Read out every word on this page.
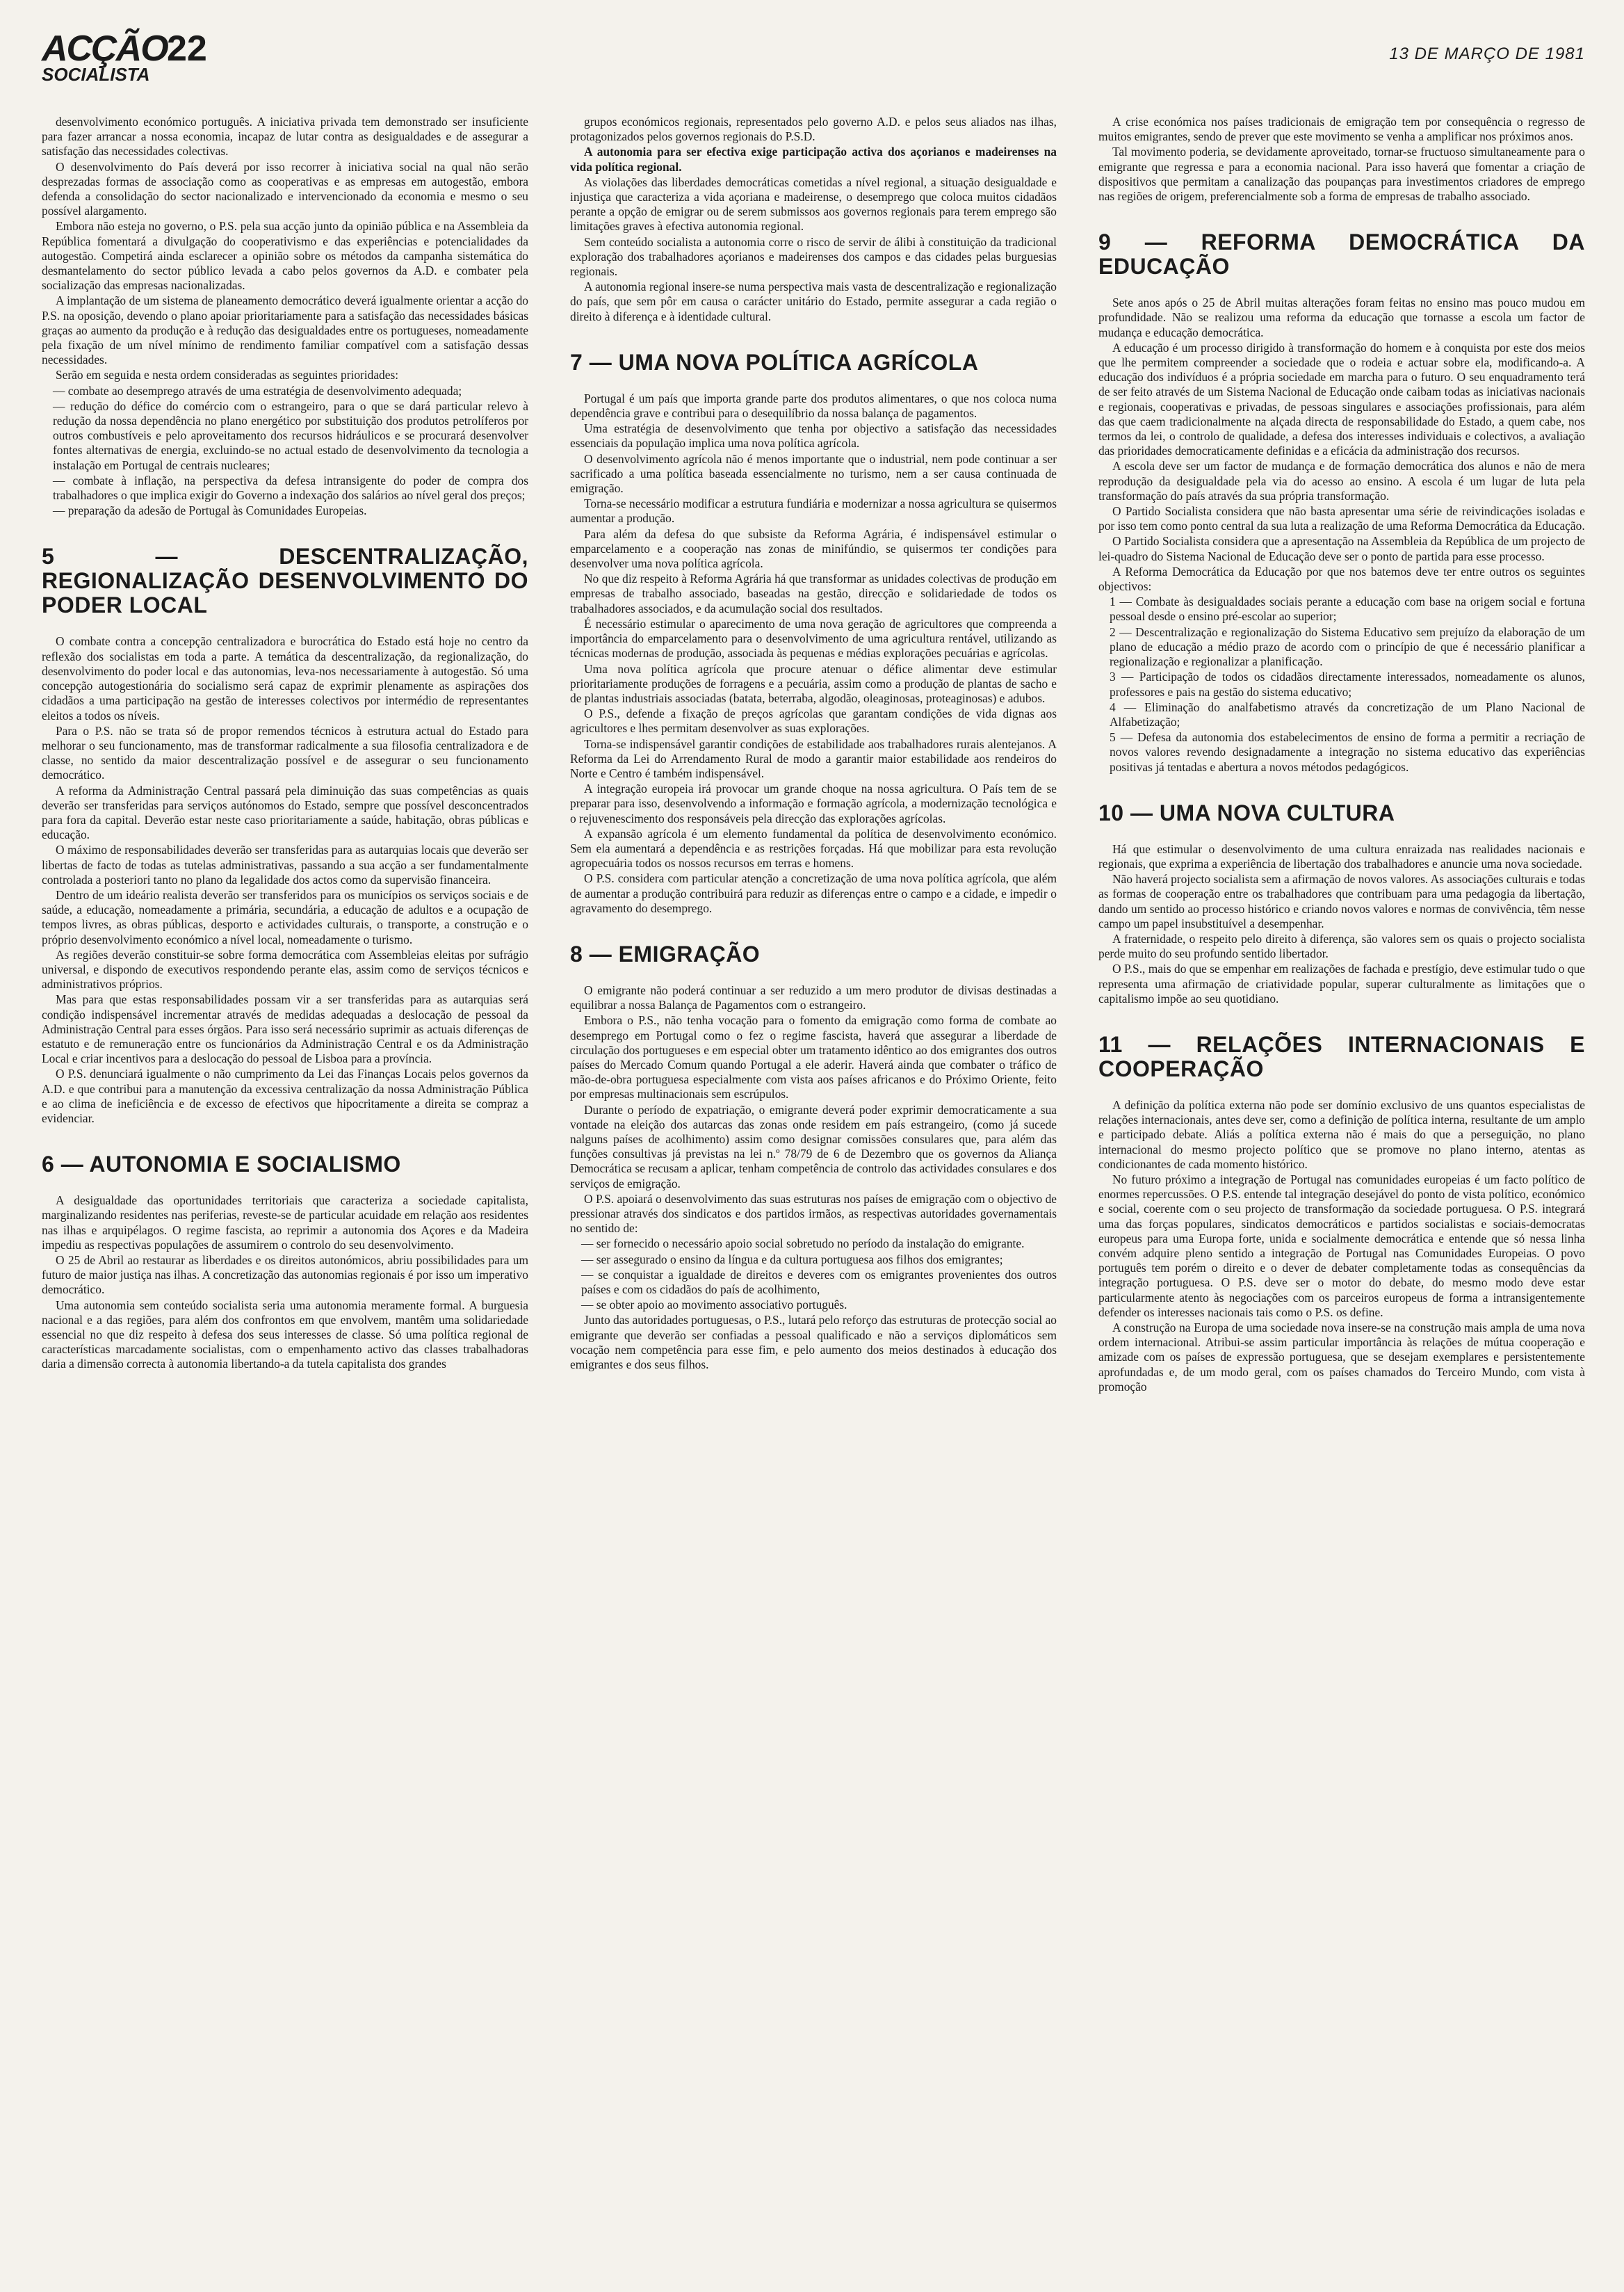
ACÇÃO
SOCIALISTA
22	13 DE MARÇO DE 1981

desenvolvimento económico português. A iniciativa privada tem demonstrado ser insuficiente para fazer arrancar a nossa economia, incapaz de lutar contra as desigualdades e de assegurar a satisfação das necessidades colectivas.

O desenvolvimento do País deverá por isso recorrer à iniciativa social na qual não serão desprezadas formas de associação como as cooperativas e as empresas em autogestão, embora defenda a consolidação do sector nacionalizado e intervencionado da economia e mesmo o seu possível alargamento.

Embora não esteja no governo, o P.S. pela sua acção junto da opinião pública e na Assembleia da República fomentará a divulgação do cooperativismo e das experiências e potencialidades da autogestão. Competirá ainda esclarecer a opinião sobre os métodos da campanha sistemática do desmantelamento do sector público levada a cabo pelos governos da A.D. e combater pela socialização das empresas nacionalizadas.

A implantação de um sistema de planeamento democrático deverá igualmente orientar a acção do P.S. na oposição, devendo o plano apoiar prioritariamente para a satisfação das necessidades básicas graças ao aumento da produção e à redução das desigualdades entre os portugueses, nomeadamente pela fixação de um nível mínimo de rendimento familiar compatível com a satisfação dessas necessidades.

Serão em seguida e nesta ordem consideradas as seguintes prioridades:

— combate ao desemprego através de uma estratégia de desenvolvimento adequada;

— redução do défice do comércio com o estrangeiro, para o que se dará particular relevo à redução da nossa dependência no plano energético por substituição dos produtos petrolíferos por outros combustíveis e pelo aproveitamento dos recursos hidráulicos e se procurará desenvolver fontes alternativas de energia, excluindo-se no actual estado de desenvolvimento da tecnologia a instalação em Portugal de centrais nucleares;

— combate à inflação, na perspectiva da defesa intransigente do poder de compra dos trabalhadores o que implica exigir do Governo a indexação dos salários ao nível geral dos preços;

— preparação da adesão de Portugal às Comunidades Europeias.

5 — DESCENTRALIZAÇÃO, REGIONALIZAÇÃO DESENVOLVIMENTO DO PODER LOCAL

O combate contra a concepção centralizadora e burocrática do Estado está hoje no centro da reflexão dos socialistas em toda a parte. A temática da descentralização, da regionalização, do desenvolvimento do poder local e das autonomias, leva-nos necessariamente à autogestão. Só uma concepção autogestionária do socialismo será capaz de exprimir plenamente as aspirações dos cidadãos a uma participação na gestão de interesses colectivos por intermédio de representantes eleitos a todos os níveis.

Para o P.S. não se trata só de propor remendos técnicos à estrutura actual do Estado para melhorar o seu funcionamento, mas de transformar radicalmente a sua filosofia centralizadora e de classe, no sentido da maior descentralização possível e de assegurar o seu funcionamento democrático.

A reforma da Administração Central passará pela diminuição das suas competências as quais deverão ser transferidas para serviços autónomos do Estado, sempre que possível desconcentrados para fora da capital. Deverão estar neste caso prioritariamente a saúde, habitação, obras públicas e educação.

O máximo de responsabilidades deverão ser transferidas para as autarquias locais que deverão ser libertas de facto de todas as tutelas administrativas, passando a sua acção a ser fundamentalmente controlada a posteriori tanto no plano da legalidade dos actos como da supervisão financeira.

Dentro de um ideário realista deverão ser transferidos para os municípios os serviços sociais e de saúde, a educação, nomeadamente a primária, secundária, a educação de adultos e a ocupação de tempos livres, as obras públicas, desporto e actividades culturais, o transporte, a construção e o próprio desenvolvimento económico a nível local, nomeadamente o turismo.

As regiões deverão constituir-se sobre forma democrática com Assembleias eleitas por sufrágio universal, e dispondo de executivos respondendo perante elas, assim como de serviços técnicos e administrativos próprios.

Mas para que estas responsabilidades possam vir a ser transferidas para as autarquias será condição indispensável incrementar através de medidas adequadas a deslocação de pessoal da Administração Central para esses órgãos. Para isso será necessário suprimir as actuais diferenças de estatuto e de remuneração entre os funcionários da Administração Central e os da Administração Local e criar incentivos para a deslocação do pessoal de Lisboa para a província.

O P.S. denunciará igualmente o não cumprimento da Lei das Finanças Locais pelos governos da A.D. e que contribui para a manutenção da excessiva centralização da nossa Administração Pública e ao clima de ineficiência e de excesso de efectivos que hipocritamente a direita se compraz a evidenciar.

6 — AUTONOMIA E SOCIALISMO

A desigualdade das oportunidades territoriais que caracteriza a sociedade capitalista, marginalizando residentes nas periferias, reveste-se de particular acuidade em relação aos residentes nas ilhas e arquipélagos. O regime fascista, ao reprimir a autonomia dos Açores e da Madeira impediu as respectivas populações de assumirem o controlo do seu desenvolvimento.

O 25 de Abril ao restaurar as liberdades e os direitos autonómicos, abriu possibilidades para um futuro de maior justiça nas ilhas. A concretização das autonomias regionais é por isso um imperativo democrático.

Uma autonomia sem conteúdo socialista seria uma autonomia meramente formal. A burguesia nacional e a das regiões, para além dos confrontos em que envolvem, mantêm uma solidariedade essencial no que diz respeito à defesa dos seus interesses de classe. Só uma política regional de características marcadamente socialistas, com o empenhamento activo das classes trabalhadoras daria a dimensão correcta à autonomia libertando-a da tutela capitalista dos grandes

grupos económicos regionais, representados pelo governo A.D. e pelos seus aliados nas ilhas, protagonizados pelos governos regionais do P.S.D.

A autonomia para ser efectiva exige participação activa dos açorianos e madeirenses na vida política regional.

As violações das liberdades democráticas cometidas a nível regional, a situação desigualdade e injustiça que caracteriza a vida açoriana e madeirense, o desemprego que coloca muitos cidadãos perante a opção de emigrar ou de serem submissos aos governos regionais para terem emprego são limitações graves à efectiva autonomia regional.

Sem conteúdo socialista a autonomia corre o risco de servir de álibi à constituição da tradicional exploração dos trabalhadores açorianos e madeirenses dos campos e das cidades pelas burguesias regionais.

A autonomia regional insere-se numa perspectiva mais vasta de descentralização e regionalização do país, que sem pôr em causa o carácter unitário do Estado, permite assegurar a cada região o direito à diferença e à identidade cultural.

7 — UMA NOVA POLÍTICA AGRÍCOLA

Portugal é um país que importa grande parte dos produtos alimentares, o que nos coloca numa dependência grave e contribui para o desequilíbrio da nossa balança de pagamentos.

Uma estratégia de desenvolvimento que tenha por objectivo a satisfação das necessidades essenciais da população implica uma nova política agrícola.

O desenvolvimento agrícola não é menos importante que o industrial, nem pode continuar a ser sacrificado a uma política baseada essencialmente no turismo, nem a ser causa continuada de emigração.

Torna-se necessário modificar a estrutura fundiária e modernizar a nossa agricultura se quisermos aumentar a produção.

Para além da defesa do que subsiste da Reforma Agrária, é indispensável estimular o emparcelamento e a cooperação nas zonas de minifúndio, se quisermos ter condições para desenvolver uma nova política agrícola.

No que diz respeito à Reforma Agrária há que transformar as unidades colectivas de produção em empresas de trabalho associado, baseadas na gestão, direcção e solidariedade de todos os trabalhadores associados, e da acumulação social dos resultados.

É necessário estimular o aparecimento de uma nova geração de agricultores que compreenda a importância do emparcelamento para o desenvolvimento de uma agricultura rentável, utilizando as técnicas modernas de produção, associada às pequenas e médias explorações pecuárias e agrícolas.

Uma nova política agrícola que procure atenuar o défice alimentar deve estimular prioritariamente produções de forragens e a pecuária, assim como a produção de plantas de sacho e de plantas industriais associadas (batata, beterraba, algodão, oleaginosas, proteaginosas) e adubos.

O P.S., defende a fixação de preços agrícolas que garantam condições de vida dignas aos agricultores e lhes permitam desenvolver as suas explorações.

Torna-se indispensável garantir condições de estabilidade aos trabalhadores rurais alentejanos. A Reforma da Lei do Arrendamento Rural de modo a garantir maior estabilidade aos rendeiros do Norte e Centro é também indispensável.

A integração europeia irá provocar um grande choque na nossa agricultura. O País tem de se preparar para isso, desenvolvendo a informação e formação agrícola, a modernização tecnológica e o rejuvenescimento dos responsáveis pela direcção das explorações agrícolas.

A expansão agrícola é um elemento fundamental da política de desenvolvimento económico. Sem ela aumentará a dependência e as restrições forçadas. Há que mobilizar para esta revolução agropecuária todos os nossos recursos em terras e homens.

O P.S. considera com particular atenção a concretização de uma nova política agrícola, que além de aumentar a produção contribuirá para reduzir as diferenças entre o campo e a cidade, e impedir o agravamento do desemprego.

8 — EMIGRAÇÃO

O emigrante não poderá continuar a ser reduzido a um mero produtor de divisas destinadas a equilibrar a nossa Balança de Pagamentos com o estrangeiro.

Embora o P.S., não tenha vocação para o fomento da emigração como forma de combate ao desemprego em Portugal como o fez o regime fascista, haverá que assegurar a liberdade de circulação dos portugueses e em especial obter um tratamento idêntico ao dos emigrantes dos outros países do Mercado Comum quando Portugal a ele aderir. Haverá ainda que combater o tráfico de mão-de-obra portuguesa especialmente com vista aos países africanos e do Próximo Oriente, feito por empresas multinacionais sem escrúpulos.

Durante o período de expatriação, o emigrante deverá poder exprimir democraticamente a sua vontade na eleição dos autarcas das zonas onde residem em país estrangeiro, (como já sucede nalguns países de acolhimento) assim como designar comissões consulares que, para além das funções consultivas já previstas na lei n.º 78/79 de 6 de Dezembro que os governos da Aliança Democrática se recusam a aplicar, tenham competência de controlo das actividades consulares e dos serviços de emigração.

O P.S. apoiará o desenvolvimento das suas estruturas nos países de emigração com o objectivo de pressionar através dos sindicatos e dos partidos irmãos, as respectivas autoridades governamentais no sentido de:

— ser fornecido o necessário apoio social sobretudo no período da instalação do emigrante.

— ser assegurado o ensino da língua e da cultura portuguesa aos filhos dos emigrantes;

— se conquistar a igualdade de direitos e deveres com os emigrantes provenientes dos outros países e com os cidadãos do país de acolhimento,

— se obter apoio ao movimento associativo português.

Junto das autoridades portuguesas, o P.S., lutará pelo reforço das estruturas de protecção social ao emigrante que deverão ser confiadas a pessoal qualificado e não a serviços diplomáticos sem vocação nem competência para esse fim, e pelo aumento dos meios destinados à educação dos emigrantes e dos seus filhos.

A crise económica nos países tradicionais de emigração tem por consequência o regresso de muitos emigrantes, sendo de prever que este movimento se venha a amplificar nos próximos anos.

Tal movimento poderia, se devidamente aproveitado, tornar-se fructuoso simultaneamente para o emigrante que regressa e para a economia nacional. Para isso haverá que fomentar a criação de dispositivos que permitam a canalização das poupanças para investimentos criadores de emprego nas regiões de origem, preferencialmente sob a forma de empresas de trabalho associado.

9 — REFORMA DEMOCRÁTICA DA EDUCAÇÃO

Sete anos após o 25 de Abril muitas alterações foram feitas no ensino mas pouco mudou em profundidade. Não se realizou uma reforma da educação que tornasse a escola um factor de mudança e educação democrática.

A educação é um processo dirigido à transformação do homem e à conquista por este dos meios que lhe permitem compreender a sociedade que o rodeia e actuar sobre ela, modificando-a. A educação dos indivíduos é a própria sociedade em marcha para o futuro. O seu enquadramento terá de ser feito através de um Sistema Nacional de Educação onde caibam todas as iniciativas nacionais e regionais, cooperativas e privadas, de pessoas singulares e associações profissionais, para além das que caem tradicionalmente na alçada directa de responsabilidade do Estado, a quem cabe, nos termos da lei, o controlo de qualidade, a defesa dos interesses individuais e colectivos, a avaliação das prioridades democraticamente definidas e a eficácia da administração dos recursos.

A escola deve ser um factor de mudança e de formação democrática dos alunos e não de mera reprodução da desigualdade pela via do acesso ao ensino. A escola é um lugar de luta pela transformação do país através da sua própria transformação.

O Partido Socialista considera que não basta apresentar uma série de reivindicações isoladas e por isso tem como ponto central da sua luta a realização de uma Reforma Democrática da Educação.

O Partido Socialista considera que a apresentação na Assembleia da República de um projecto de lei-quadro do Sistema Nacional de Educação deve ser o ponto de partida para esse processo.

A Reforma Democrática da Educação por que nos batemos deve ter entre outros os seguintes objectivos:

1 — Combate às desigualdades sociais perante a educação com base na origem social e fortuna pessoal desde o ensino pré-escolar ao superior;

2 — Descentralização e regionalização do Sistema Educativo sem prejuízo da elaboração de um plano de educação a médio prazo de acordo com o princípio de que é necessário planificar a regionalização e regionalizar a planificação.

3 — Participação de todos os cidadãos directamente interessados, nomeadamente os alunos, professores e pais na gestão do sistema educativo;

4 — Eliminação do analfabetismo através da concretização de um Plano Nacional de Alfabetização;

5 — Defesa da autonomia dos estabelecimentos de ensino de forma a permitir a recriação de novos valores revendo designadamente a integração no sistema educativo das experiências positivas já tentadas e abertura a novos métodos pedagógicos.

10 — UMA NOVA CULTURA

Há que estimular o desenvolvimento de uma cultura enraizada nas realidades nacionais e regionais, que exprima a experiência de libertação dos trabalhadores e anuncie uma nova sociedade.

Não haverá projecto socialista sem a afirmação de novos valores. As associações culturais e todas as formas de cooperação entre os trabalhadores que contribuam para uma pedagogia da libertação, dando um sentido ao processo histórico e criando novos valores e normas de convivência, têm nesse campo um papel insubstituível a desempenhar.

A fraternidade, o respeito pelo direito à diferença, são valores sem os quais o projecto socialista perde muito do seu profundo sentido libertador.

O P.S., mais do que se empenhar em realizações de fachada e prestígio, deve estimular tudo o que representa uma afirmação de criatividade popular, superar culturalmente as limitações que o capitalismo impõe ao seu quotidiano.

11 — RELAÇÕES INTERNACIONAIS E COOPERAÇÃO

A definição da política externa não pode ser domínio exclusivo de uns quantos especialistas de relações internacionais, antes deve ser, como a definição de política interna, resultante de um amplo e participado debate. Aliás a política externa não é mais do que a perseguição, no plano internacional do mesmo projecto político que se promove no plano interno, atentas as condicionantes de cada momento histórico.

No futuro próximo a integração de Portugal nas comunidades europeias é um facto político de enormes repercussões. O P.S. entende tal integração desejável do ponto de vista político, económico e social, coerente com o seu projecto de transformação da sociedade portuguesa. O P.S. integrará uma das forças populares, sindicatos democráticos e partidos socialistas e sociais-democratas europeus para uma Europa forte, unida e socialmente democrática e entende que só nessa linha convém adquire pleno sentido a integração de Portugal nas Comunidades Europeias. O povo português tem porém o direito e o dever de debater completamente todas as consequências da integração portuguesa. O P.S. deve ser o motor do debate, do mesmo modo deve estar particularmente atento às negociações com os parceiros europeus de forma a intransigentemente defender os interesses nacionais tais como o P.S. os define.

A construção na Europa de uma sociedade nova insere-se na construção mais ampla de uma nova ordem internacional. Atribui-se assim particular importância às relações de mútua cooperação e amizade com os países de expressão portuguesa, que se desejam exemplares e persistentemente aprofundadas e, de um modo geral, com os países chamados do Terceiro Mundo, com vista à promoção
